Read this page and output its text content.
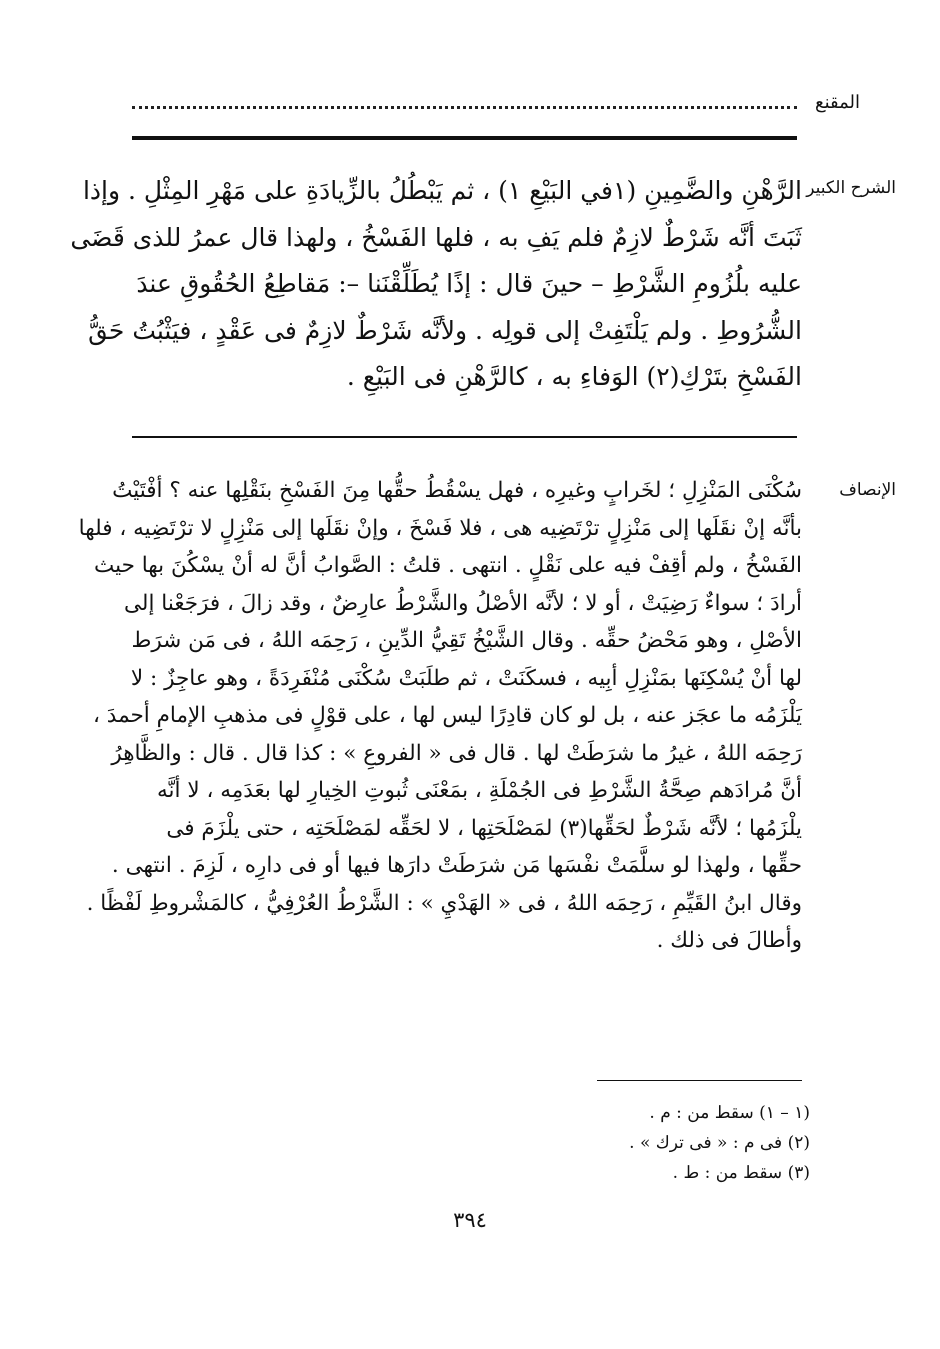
المقنع
الشرح الكبير
الرَّهْنِ والضَّمِينِ (١في البَيْعِ ١) ، ثم يَبْطُلُ بالزِّيادَةِ على مَهْرِ المِثْلِ . وإذا
ثَبَتَ أنَّه شَرْطٌ لازِمٌ فلم يَفِ به ، فلها الفَسْخُ ، ولهذا قال عمرُ للذى قَضَى
عليه بلُزُومِ الشَّرْطِ – حينَ قال : إذًا يُطَلِّقْنَنا –: مَقاطِعُ الحُقُوقِ عندَ
الشُّرُوطِ . ولم يَلْتَفِتْ إلى قولِه . ولأنَّه شَرْطٌ لازِمٌ فى عَقْدٍ ، فيَثْبُتُ حَقُّ
الفَسْخِ بتَرْكِ(٢) الوَفاءِ به ، كالرَّهْنِ فى البَيْعِ .
الإنصاف
سُكْنَى المَنْزِلِ ؛ لخَرابٍ وغيرِه ، فهل يسْقُطُ حقُّها مِنَ الفَسْخِ بنَقْلِها عنه ؟ أفْتَيْتُ
بأنَّه إنْ نقَلَها إلى مَنْزِلٍ ترْتَضِيه هى ، فلا فَسْخَ ، وإنْ نقَلَها إلى مَنْزِلٍ لا ترْتَضِيه ، فلها
الفَسْخُ ، ولم أقِفْ فيه على نَقْلٍ . انتهى . قلتُ : الصَّوابُ أنَّ له أنْ يسْكُنَ بها حيث
أرادَ ؛ سواءٌ رَضِيَتْ ، أو لا ؛ لأنَّه الأصْلُ والشَّرْطُ عارِضٌ ، وقد زالَ ، فرَجَعْنا إلى
الأصْلِ ، وهو مَحْضُ حقِّه . وقال الشَّيْخُ تَقِيُّ الدِّينِ ، رَحِمَه اللهُ ، فى مَن شرَط
لها أنْ يُسْكِنَها بمَنْزِلِ أبِيه ، فسكَنَتْ ، ثم طلَبَتْ سُكْنَى مُنْفَرِدَةً ، وهو عاجِزٌ : لا
يَلْزَمُه ما عجَز عنه ، بل لو كان قادِرًا ليس لها ، على قوْلٍ فى مذهبِ الإمامِ أحمدَ ،
رَحِمَه اللهُ ، غيرُ ما شرَطَتْ لها . قال فى « الفروعِ » : كذا قال . قال : والظَّاهِرُ
أنَّ مُرادَهم صِحَّةُ الشَّرْطِ فى الجُمْلَةِ ، بمَعْنَى ثُبوتِ الخِيارِ لها بعَدَمِه ، لا أنَّه
يلْزَمُها ؛ لأنَّه شَرْطٌ لحَقِّها(٣) لمَصْلَحَتِها ، لا لحَقِّه لمَصْلَحَتِه ، حتى يلْزَمَ فى
حقِّها ، ولهذا لو سلَّمَتْ نفْسَها مَن شرَطَتْ دارَها فيها أو فى دارِه ، لَزِمَ . انتهى .
وقال ابنُ القَيِّمِ ، رَحِمَه اللهُ ، فى « الهَدْيِ » : الشَّرْطُ العُرْفِيُّ ، كالمَشْروطِ لَفْظًا .
وأطالَ فى ذلك .
(١ – ١) سقط من : م .
(٢) فى م : « فى ترك » .
(٣) سقط من : ط .
٣٩٤
